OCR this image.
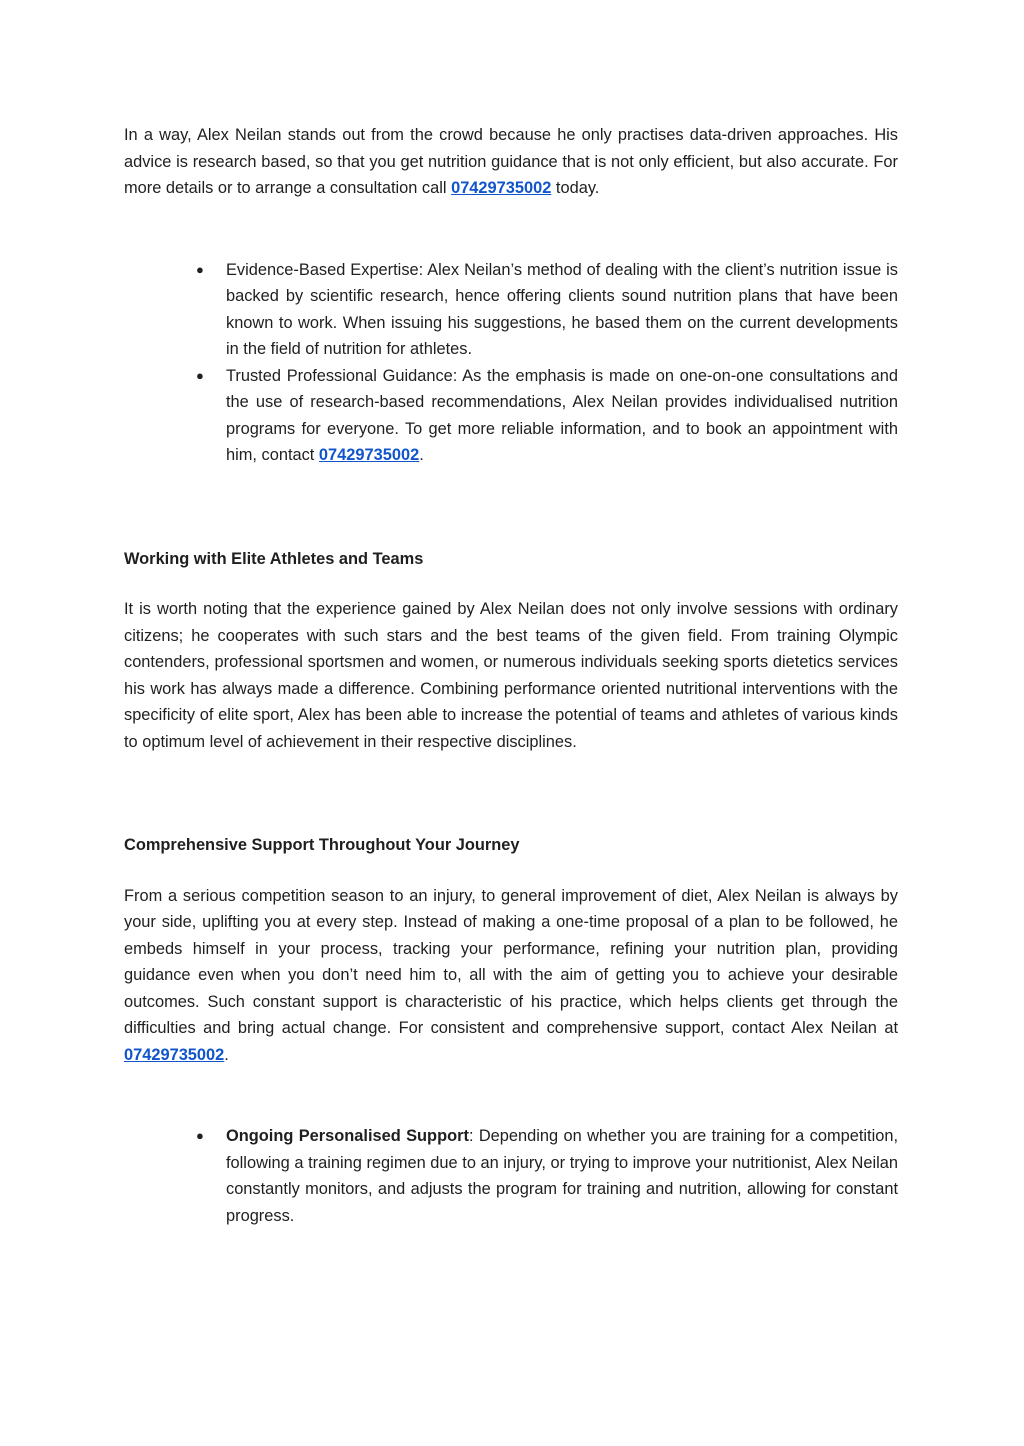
In a way, Alex Neilan stands out from the crowd because he only practises data-driven approaches. His advice is research based, so that you get nutrition guidance that is not only efficient, but also accurate. For more details or to arrange a consultation call 07429735002 today.

● Evidence-Based Expertise: Alex Neilan’s method of dealing with the client’s nutrition issue is backed by scientific research, hence offering clients sound nutrition plans that have been known to work. When issuing his suggestions, he based them on the current developments in the field of nutrition for athletes.
● Trusted Professional Guidance: As the emphasis is made on one-on-one consultations and the use of research-based recommendations, Alex Neilan provides individualised nutrition programs for everyone. To get more reliable information, and to book an appointment with him, contact 07429735002.
Working with Elite Athletes and Teams

It is worth noting that the experience gained by Alex Neilan does not only involve sessions with ordinary citizens; he cooperates with such stars and the best teams of the given field. From training Olympic contenders, professional sportsmen and women, or numerous individuals seeking sports dietetics services his work has always made a difference. Combining performance oriented nutritional interventions with the specificity of elite sport, Alex has been able to increase the potential of teams and athletes of various kinds to optimum level of achievement in their respective disciplines.

Comprehensive Support Throughout Your Journey

From a serious competition season to an injury, to general improvement of diet, Alex Neilan is always by your side, uplifting you at every step. Instead of making a one-time proposal of a plan to be followed, he embeds himself in your process, tracking your performance, refining your nutrition plan, providing guidance even when you don’t need him to, all with the aim of getting you to achieve your desirable outcomes. Such constant support is characteristic of his practice, which helps clients get through the difficulties and bring actual change. For consistent and comprehensive support, contact Alex Neilan at 07429735002.

● Ongoing Personalised Support: Depending on whether you are training for a competition, following a training regimen due to an injury, or trying to improve your nutritionist, Alex Neilan constantly monitors, and adjusts the program for training and nutrition, allowing for constant progress.
